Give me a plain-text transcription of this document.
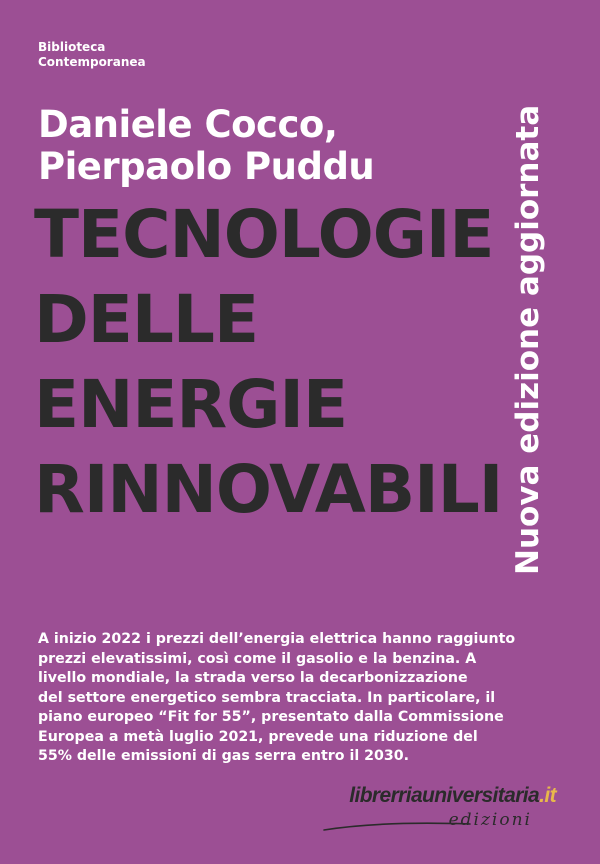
Biblioteca
Contemporanea
Daniele Cocco,
Pierpaolo Puddu
TECNOLOGIE
DELLE
ENERGIE
RINNOVABILI Nuova edizione aggiornata
A inizio 2022 i prezzi dell’energia elettrica hanno raggiunto
prezzi elevatissimi, così come il gasolio e la benzina. A
livello mondiale, la strada verso la decarbonizzazione
del settore energetico sembra tracciata. In particolare, il
piano europeo “Fit for 55”, presentato dalla Commissione
Europea a metà luglio 2021, prevede una riduzione del
55% delle emissioni di gas serra entro il 2030.
librerriauniversitaria.it
edizioni
